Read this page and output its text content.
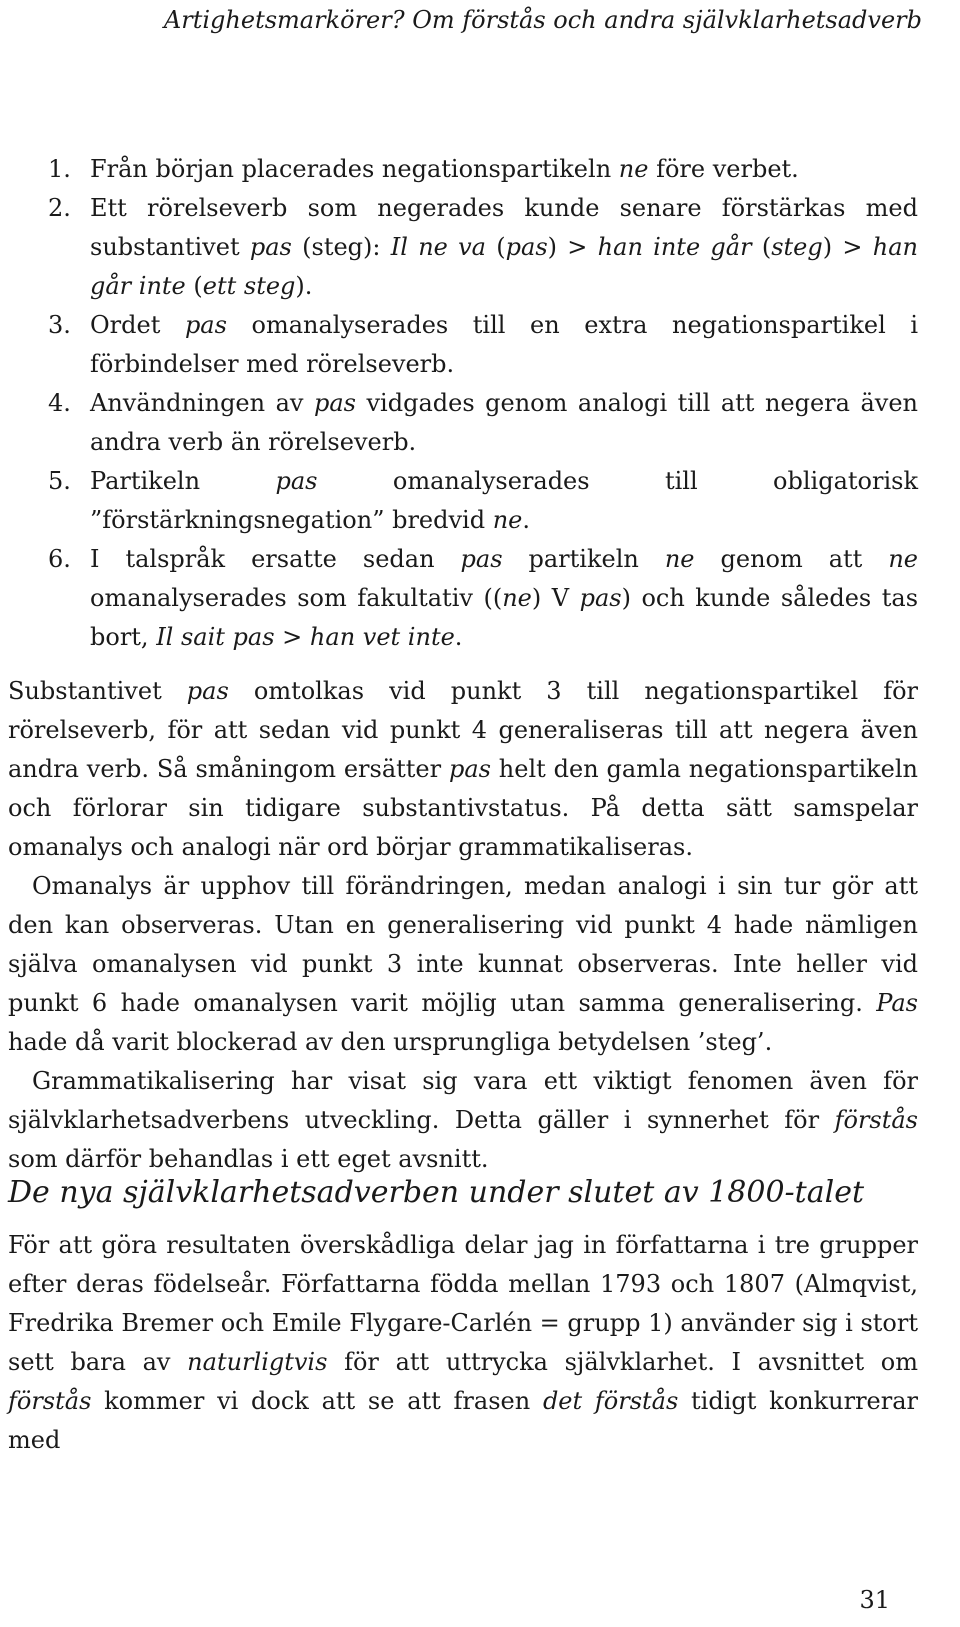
Artighetsmarkörer? Om förstås och andra självklarhetsadverb
1. Från början placerades negationspartikeln ne före verbet.
2. Ett rörelseverb som negerades kunde senare förstärkas med substantivet pas (steg): Il ne va (pas) > han inte går (steg) > han går inte (ett steg).
3. Ordet pas omanalyserades till en extra negationspartikel i förbindelser med rörelseverb.
4. Användningen av pas vidgades genom analogi till att negera även andra verb än rörelseverb.
5. Partikeln pas omanalyserades till obligatorisk ”förstärkningsnegation” bredvid ne.
6. I talspråk ersatte sedan pas partikeln ne genom att ne omanalyserades som fakultativ ((ne) V pas) och kunde således tas bort, Il sait pas > han vet inte.

Substantivet pas omtolkas vid punkt 3 till negationspartikel för rörelseverb, för att sedan vid punkt 4 generaliseras till att negera även andra verb. Så småningom ersätter pas helt den gamla negationspartikeln och förlorar sin tidigare substantivstatus. På detta sätt samspelar omanalys och analogi när ord börjar grammatikaliseras.

Omanalys är upphov till förändringen, medan analogi i sin tur gör att den kan observeras. Utan en generalisering vid punkt 4 hade nämligen själva omanalysen vid punkt 3 inte kunnat observeras. Inte heller vid punkt 6 hade omanalysen varit möjlig utan samma generalisering. Pas hade då varit blockerad av den ursprungliga betydelsen ’steg’.

Grammatikalisering har visat sig vara ett viktigt fenomen även för självklarhetsadverbens utveckling. Detta gäller i synnerhet för förstås som därför behandlas i ett eget avsnitt.

De nya självklarhetsadverben under slutet av 1800-talet

För att göra resultaten överskådliga delar jag in författarna i tre grupper efter deras födelseår. Författarna födda mellan 1793 och 1807 (Almqvist, Fredrika Bremer och Emile Flygare-Carlén = grupp 1) använder sig i stort sett bara av naturligtvis för att uttrycka självklarhet. I avsnittet om förstås kommer vi dock att se att frasen det förstås tidigt konkurrerar med

31
